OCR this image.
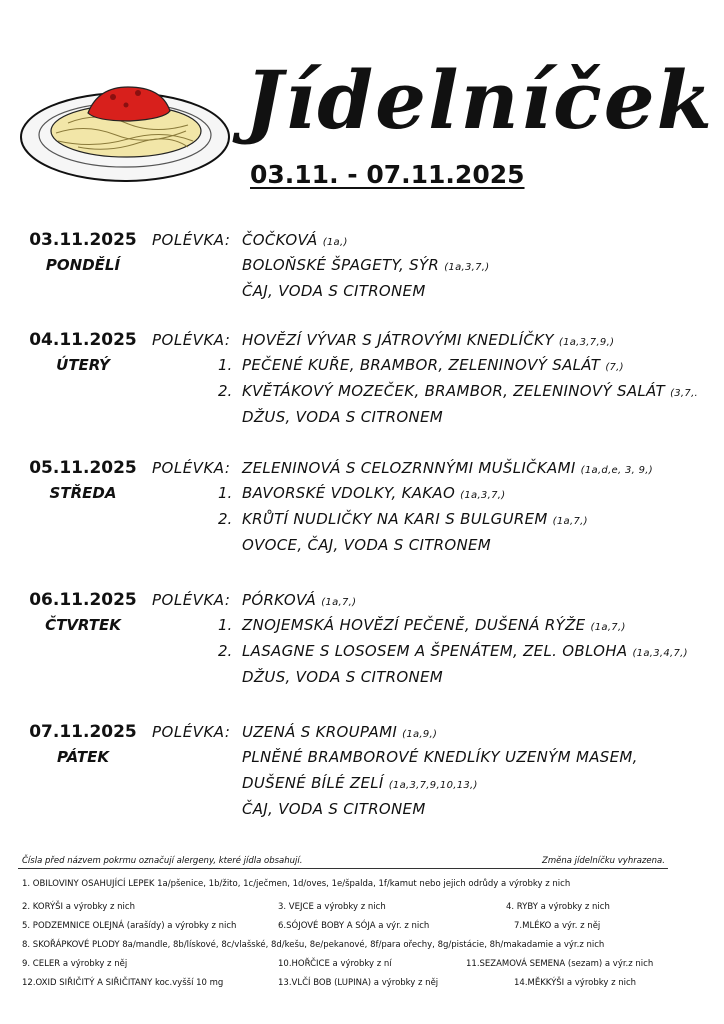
Jídelníček
03.11. - 07.11.2025
03.11.2025
PONDĚLÍ
POLÉVKA: ČOČKOVÁ (1a,)
BOLOŇSKÉ ŠPAGETY, SÝR (1a,3,7,)
ČAJ, VODA S CITRONEM
04.11.2025
ÚTERÝ
POLÉVKA: HOVĚZÍ VÝVAR S JÁTROVÝMI KNEDLÍČKY (1a,3,7,9,)
1. PEČENÉ KUŘE, BRAMBOR, ZELENINOVÝ SALÁT (7,)
2. KVĚTÁKOVÝ MOZEČEK, BRAMBOR, ZELENINOVÝ SALÁT (3,7,.
DŽUS, VODA S CITRONEM
05.11.2025
STŘEDA
POLÉVKA: ZELENINOVÁ S CELOZRNNÝMI MUŠLIČKAMI (1a,d,e, 3, 9,)
1. BAVORSKÉ VDOLKY, KAKAO (1a,3,7,)
2. KRŮTÍ NUDLIČKY NA KARI S BULGUREM (1a,7,)
OVOCE, ČAJ, VODA S CITRONEM
06.11.2025
ČTVRTEK
POLÉVKA: PÓRKOVÁ (1a,7,)
1. ZNOJEMSKÁ HOVĚZÍ PEČENĚ, DUŠENÁ RÝŽE (1a,7,)
2. LASAGNE S LOSOSEM A ŠPENÁTEM, ZEL. OBLOHA (1a,3,4,7,)
DŽUS, VODA S CITRONEM
07.11.2025
PÁTEK
POLÉVKA: UZENÁ S KROUPAMI (1a,9,)
PLNĚNÉ BRAMBOROVÉ KNEDLÍKY UZENÝM MASEM,
DUŠENÉ BÍLÉ ZELÍ (1a,3,7,9,10,13,)
ČAJ, VODA S CITRONEM
Čísla před názvem pokrmu označují alergeny, které jídla obsahují.	Změna jídelníčku vyhrazena.
1. OBILOVINY OSAHUJÍCÍ LEPEK 1a/pšenice, 1b/žito, 1c/ječmen, 1d/oves, 1e/špalda, 1f/kamut nebo jejich odrůdy a výrobky z nich
2. KORÝŠI a výrobky z nich	3. VEJCE a výrobky z nich	4. RYBY a výrobky z nich
5. PODZEMNICE OLEJNÁ (arašídy) a výrobky z nich	6.SÓJOVÉ BOBY A SÓJA a výr. z nich	7.MLÉKO a výr. z něj
8. SKOŘÁPKOVÉ PLODY 8a/mandle, 8b/lískové, 8c/vlašské, 8d/kešu, 8e/pekanové, 8f/para ořechy, 8g/pistácie, 8h/makadamie a výr.z nich
9. CELER a výrobky z něj	10.HOŘČICE a výrobky z ní	11.SEZAMOVÁ SEMENA (sezam) a výr.z nich
12.OXID SIŘIČITÝ A SIŘIČITANY koc.vyšší 10 mg	13.VLČÍ BOB (LUPINA) a výrobky z něj	14.MĚKKÝŠI a výrobky z nich
